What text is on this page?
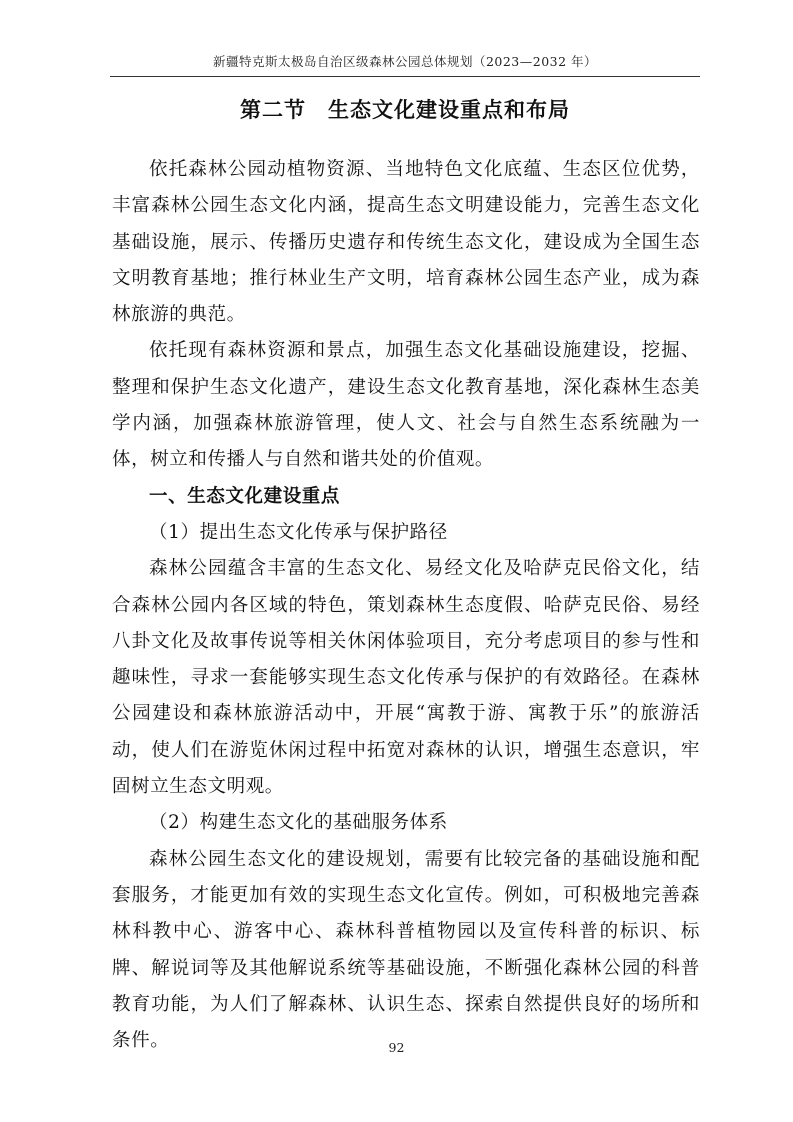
新疆特克斯太极岛自治区级森林公园总体规划（2023—2032 年）
第二节　生态文化建设重点和布局

依托森林公园动植物资源、当地特色文化底蕴、生态区位优势，丰富森林公园生态文化内涵，提高生态文明建设能力，完善生态文化基础设施，展示、传播历史遗存和传统生态文化，建设成为全国生态文明教育基地；推行林业生产文明，培育森林公园生态产业，成为森林旅游的典范。

依托现有森林资源和景点，加强生态文化基础设施建设，挖掘、整理和保护生态文化遗产，建设生态文化教育基地，深化森林生态美学内涵，加强森林旅游管理，使人文、社会与自然生态系统融为一体，树立和传播人与自然和谐共处的价值观。

一、生态文化建设重点

（1）提出生态文化传承与保护路径

森林公园蕴含丰富的生态文化、易经文化及哈萨克民俗文化，结合森林公园内各区域的特色，策划森林生态度假、哈萨克民俗、易经八卦文化及故事传说等相关休闲体验项目，充分考虑项目的参与性和趣味性，寻求一套能够实现生态文化传承与保护的有效路径。在森林公园建设和森林旅游活动中，开展“寓教于游、寓教于乐”的旅游活动，使人们在游览休闲过程中拓宽对森林的认识，增强生态意识，牢固树立生态文明观。

（2）构建生态文化的基础服务体系

森林公园生态文化的建设规划，需要有比较完备的基础设施和配套服务，才能更加有效的实现生态文化宣传。例如，可积极地完善森林科教中心、游客中心、森林科普植物园以及宣传科普的标识、标牌、解说词等及其他解说系统等基础设施，不断强化森林公园的科普教育功能，为人们了解森林、认识生态、探索自然提供良好的场所和条件。	92
